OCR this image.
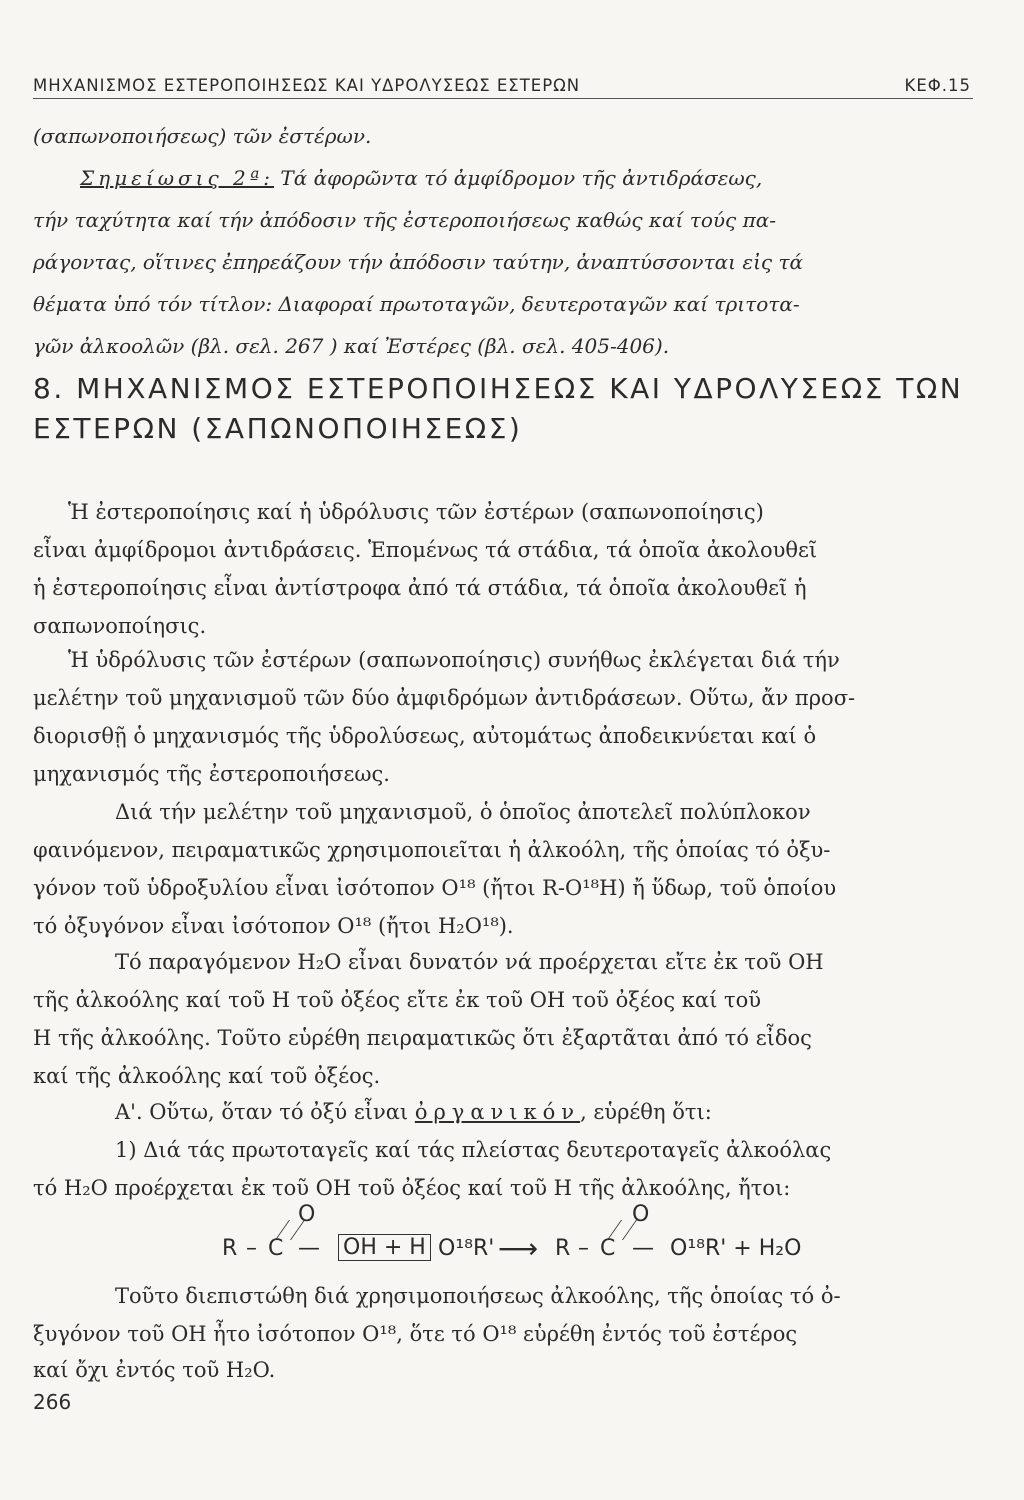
ΜΗΧΑΝΙΣΜΟΣ ΕΣΤΕΡΟΠΟΙΗΣΕΩΣ ΚΑΙ ΥΔΡΟΛΥΣΕΩΣ ΕΣΤΕΡΩΝ	ΚΕΦ.15
(σαπωνοποιήσεως) τῶν ἐστέρων.
Σημείωσις 2ª: Τά ἀφορῶντα τό ἀμφίδρομον τῆς ἀντιδράσεως,
τήν ταχύτητα καί τήν ἀπόδοσιν τῆς ἐστεροποιήσεως καθώς καί τούς πα-
ράγοντας, οἵτινες ἐπηρεάζουν τήν ἀπόδοσιν ταύτην, ἀναπτύσσονται εἰς τά
θέματα ὑπό τόν τίτλον: Διαφοραί πρωτοταγῶν, δευτεροταγῶν καί τριτοτα-
γῶν ἀλκοολῶν (βλ. σελ. 267 ) καί Ἐστέρες (βλ. σελ. 405-406).
8. ΜΗΧΑΝΙΣΜΟΣ ΕΣΤΕΡΟΠΟΙΗΣΕΩΣ ΚΑΙ ΥΔΡΟΛΥΣΕΩΣ ΤΩΝ
ΕΣΤΕΡΩΝ (ΣΑΠΩΝΟΠΟΙΗΣΕΩΣ)
Ἡ ἐστεροποίησις καί ἡ ὑδρόλυσις τῶν ἐστέρων (σαπωνοποίησις)
εἶναι ἀμφίδρομοι ἀντιδράσεις. Ἑπομένως τά στάδια, τά ὁποῖα ἀκολουθεῖ
ἡ ἐστεροποίησις εἶναι ἀντίστροφα ἀπό τά στάδια, τά ὁποῖα ἀκολουθεῖ ἡ
σαπωνοποίησις.
Ἡ ὑδρόλυσις τῶν ἐστέρων (σαπωνοποίησις) συνήθως ἐκλέγεται διά τήν
μελέτην τοῦ μηχανισμοῦ τῶν δύο ἀμφιδρόμων ἀντιδράσεων. Οὕτω, ἄν προσ-
διορισθῇ ὁ μηχανισμός τῆς ὑδρολύσεως, αὐτομάτως ἀποδεικνύεται καί ὁ
μηχανισμός τῆς ἐστεροποιήσεως.
Διά τήν μελέτην τοῦ μηχανισμοῦ, ὁ ὁποῖος ἀποτελεῖ πολύπλοκον
φαινόμενον, πειραματικῶς χρησιμοποιεῖται ἡ ἀλκοόλη, τῆς ὁποίας τό ὀξυ-
γόνον τοῦ ὑδροξυλίου εἶναι ἰσότοπον O¹⁸ (ἤτοι R-O¹⁸H) ἤ ὕδωρ, τοῦ ὁποίου
τό ὀξυγόνον εἶναι ἰσότοπον O¹⁸ (ἤτοι H₂O¹⁸).
Τό παραγόμενον H₂O εἶναι δυνατόν νά προέρχεται εἴτε ἐκ τοῦ OH
τῆς ἀλκοόλης καί τοῦ H τοῦ ὀξέος εἴτε ἐκ τοῦ OH τοῦ ὀξέος καί τοῦ
H τῆς ἀλκοόλης. Τοῦτο εὑρέθη πειραματικῶς ὅτι ἐξαρτᾶται ἀπό τό εἶδος
καί τῆς ἀλκοόλης καί τοῦ ὀξέος.
Α'. Οὕτω, ὅταν τό ὀξύ εἶναι ὀργανικόν, εὑρέθη ὅτι:
1) Διά τάς πρωτοταγεῖς καί τάς πλείστας δευτεροταγεῖς ἀλκοόλας
τό H₂O προέρχεται ἐκ τοῦ OH τοῦ ὀξέος καί τοῦ H τῆς ἀλκοόλης, ἤτοι:
R – C
O
— OH + H O¹⁸R' ⟶ R – C
O
— O¹⁸R' + H₂O
Τοῦτο διεπιστώθη διά χρησιμοποιήσεως ἀλκοόλης, τῆς ὁποίας τό ὀ-
ξυγόνον τοῦ OH ἦτο ἰσότοπον O¹⁸, ὅτε τό O¹⁸ εὑρέθη ἐντός τοῦ ἐστέρος
καί ὄχι ἐντός τοῦ H₂O.
266
